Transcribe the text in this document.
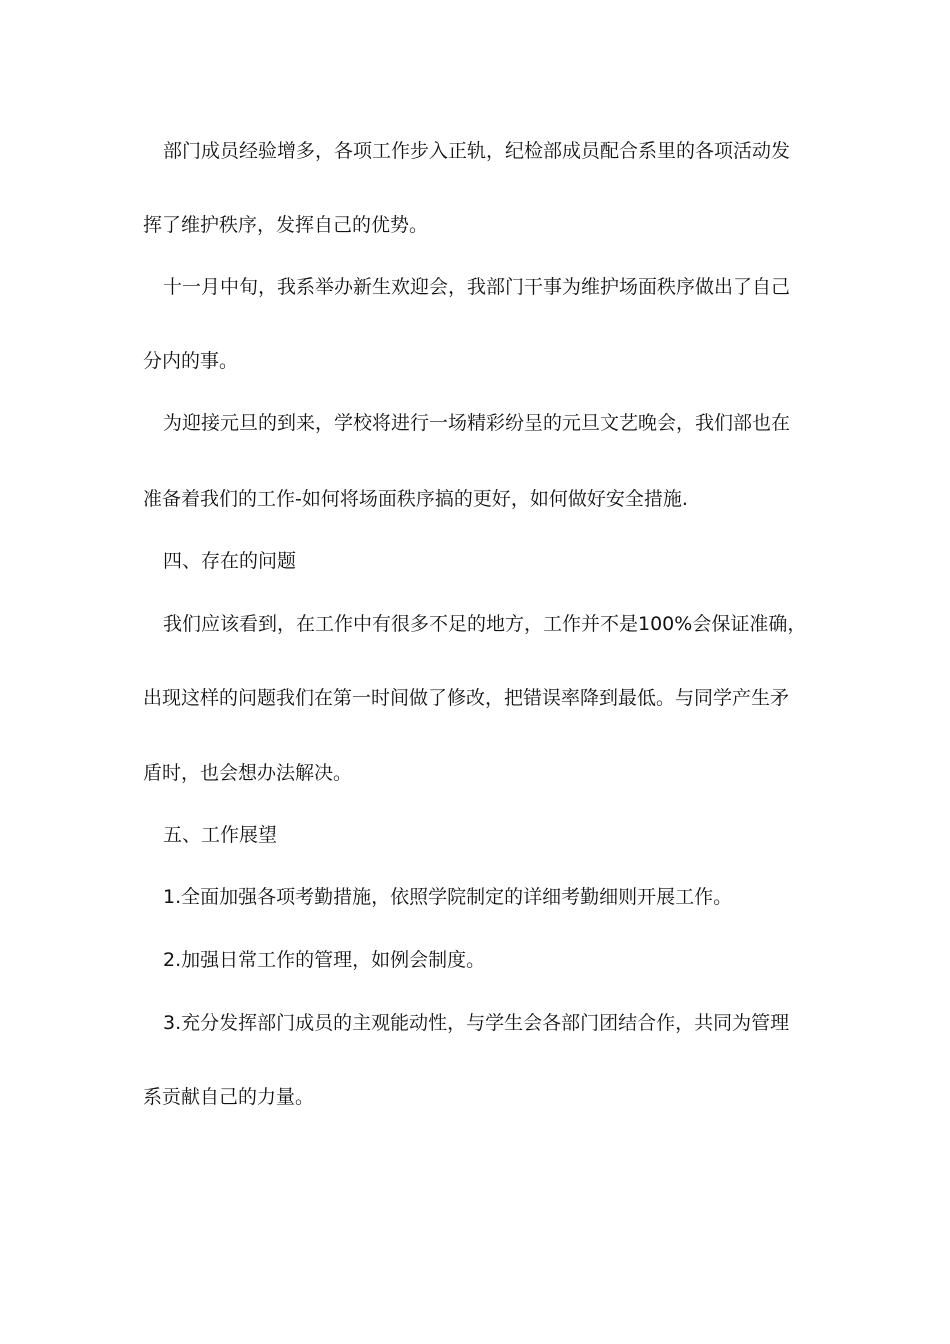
部门成员经验增多，各项工作步入正轨，纪检部成员配合系里的各项活动发
挥了维护秩序，发挥自己的优势。
十一月中旬，我系举办新生欢迎会，我部门干事为维护场面秩序做出了自己
分内的事。
为迎接元旦的到来，学校将进行一场精彩纷呈的元旦文艺晚会，我们部也在
准备着我们的工作-如何将场面秩序搞的更好，如何做好安全措施.
四、存在的问题
我们应该看到，在工作中有很多不足的地方，工作并不是100%会保证准确，
出现这样的问题我们在第一时间做了修改，把错误率降到最低。与同学产生矛
盾时，也会想办法解决。
五、工作展望
1.全面加强各项考勤措施，依照学院制定的详细考勤细则开展工作。
2.加强日常工作的管理，如例会制度。
3.充分发挥部门成员的主观能动性，与学生会各部门团结合作，共同为管理
系贡献自己的力量。
